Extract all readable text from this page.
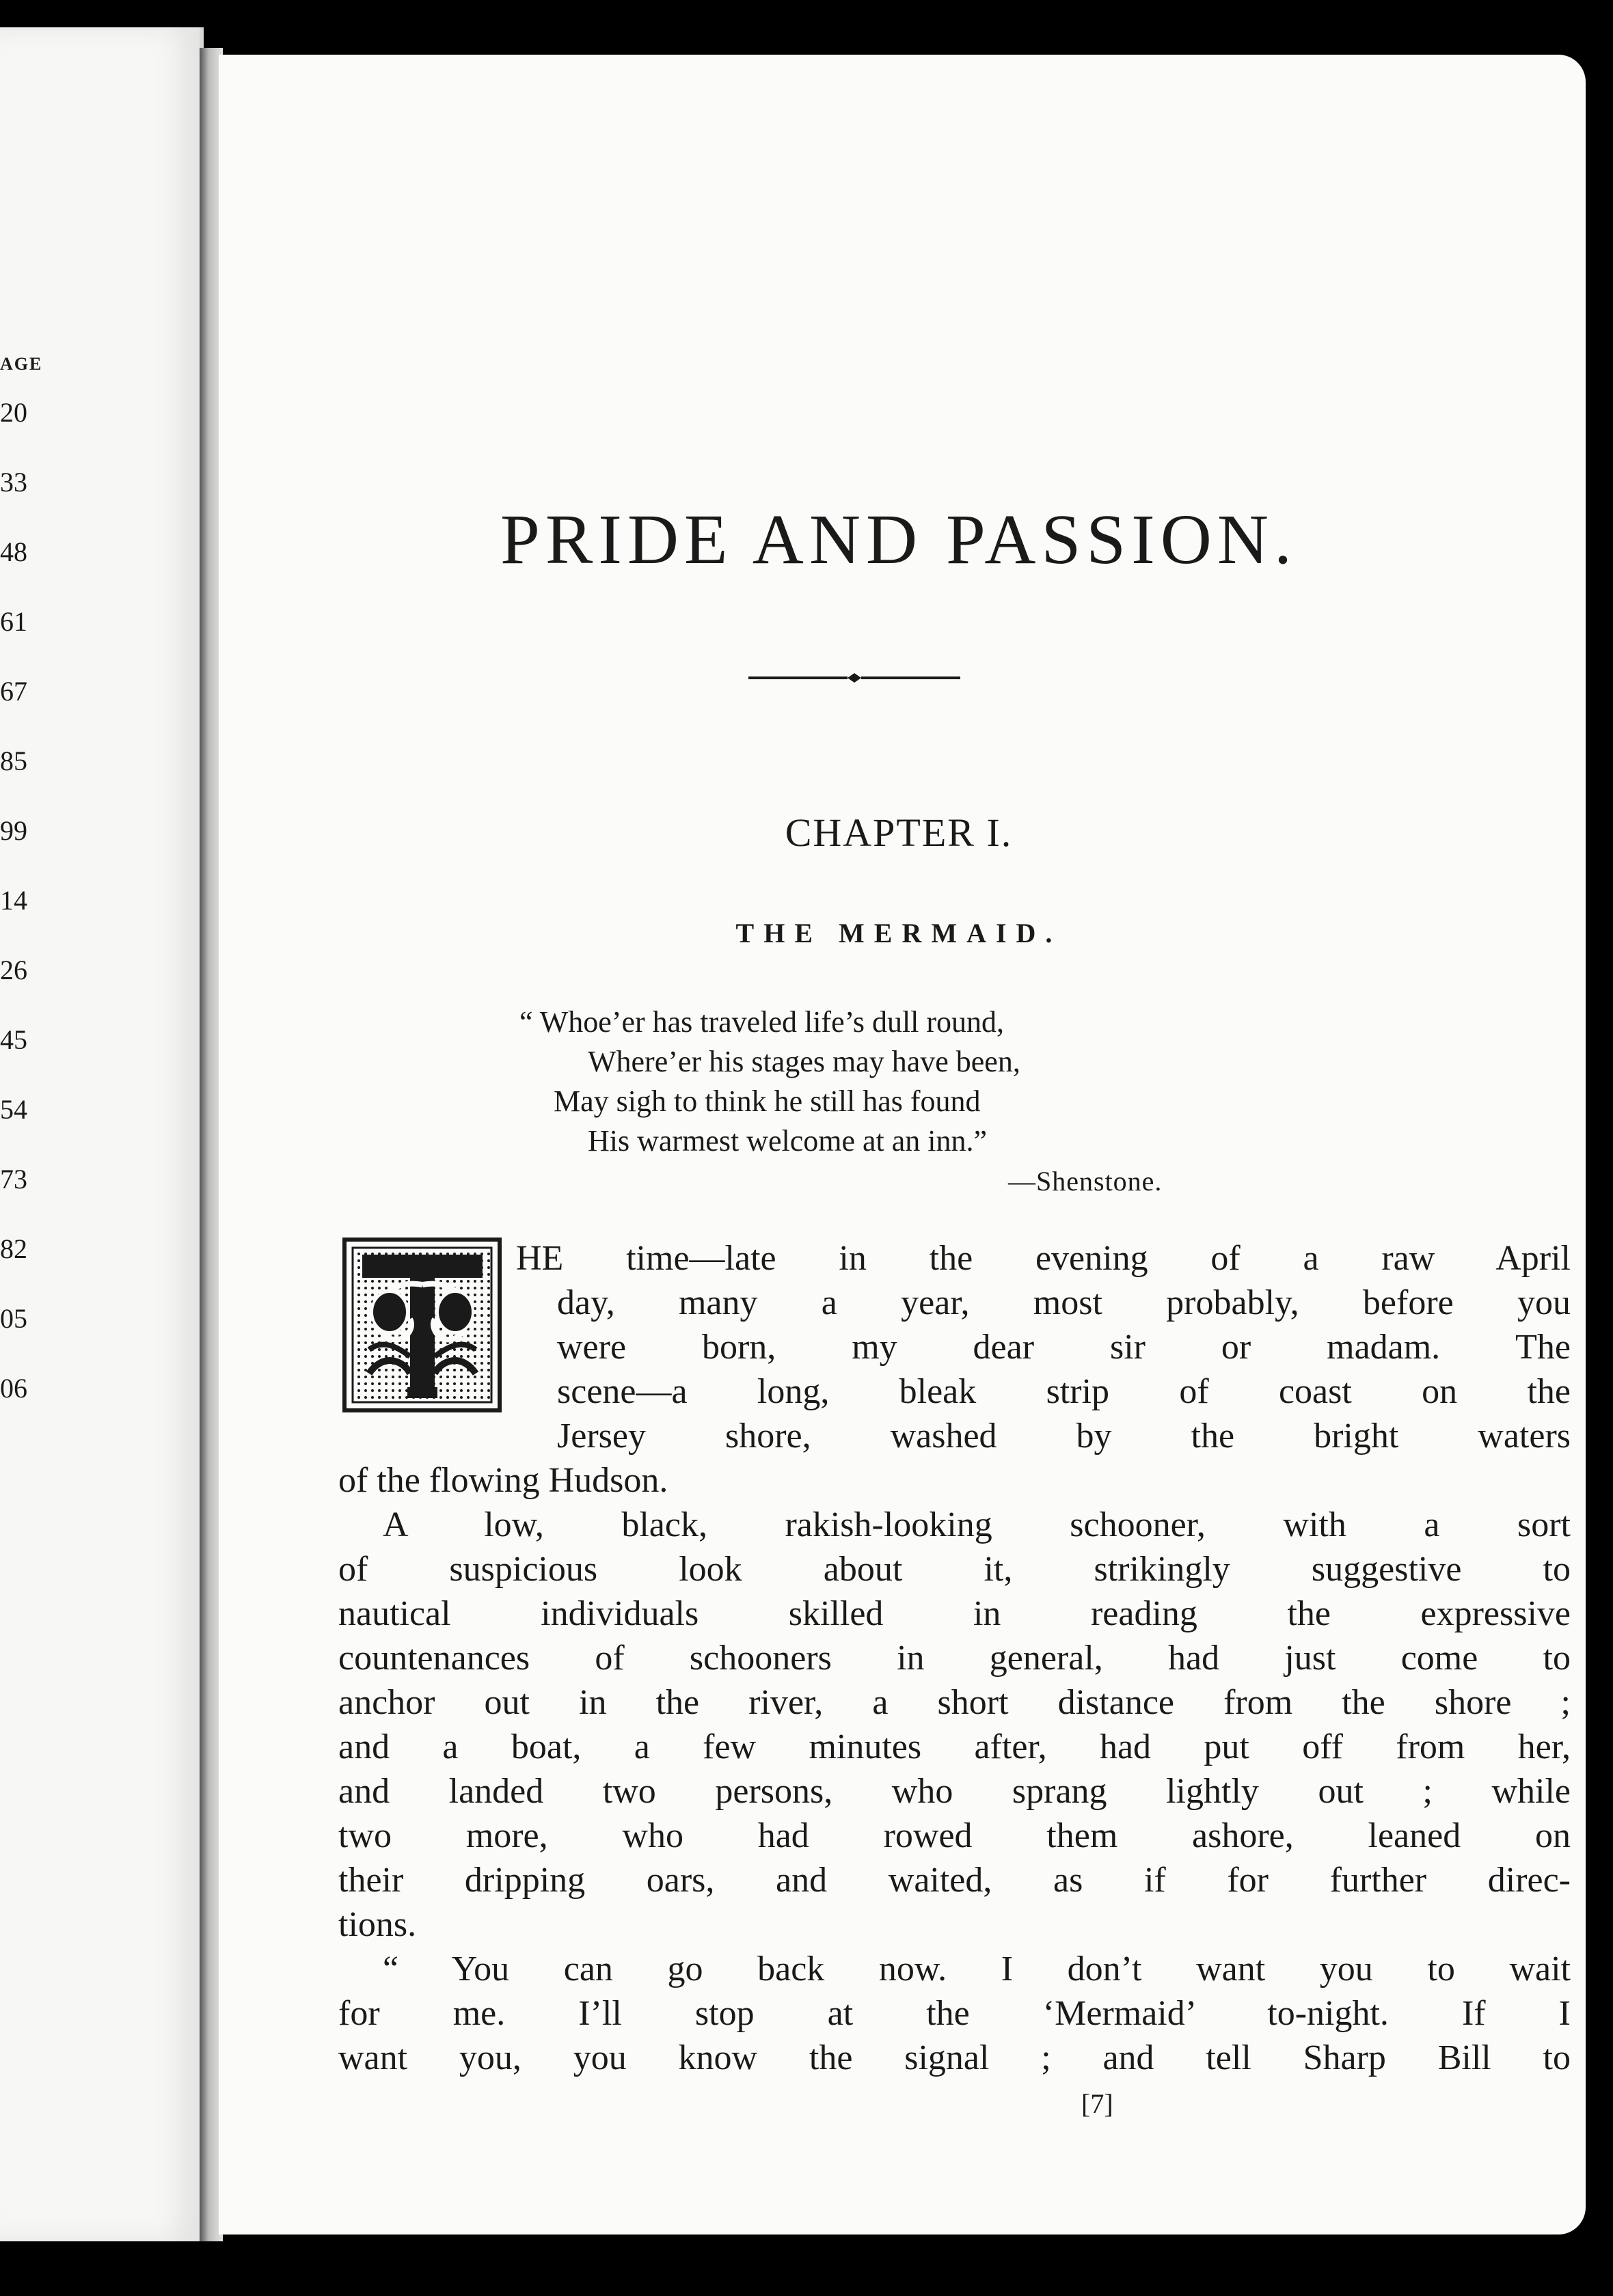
AGE
20
33
48
61
67
85
99
14
26
45
54
73
82
05
06
PRIDE AND PASSION.
CHAPTER I.
THE MERMAID.
“ Whoe’er has traveled life’s dull round,
Where’er his stages may have been,
May sigh to think he still has found
His warmest welcome at an inn.”
—Shenstone.
HE time—late in the evening of a raw April
day, many a year, most probably, before you
were born, my dear sir or madam. The
scene—a long, bleak strip of coast on the
Jersey shore, washed by the bright waters
of the flowing Hudson.
A low, black, rakish-looking schooner, with a sort
of suspicious look about it, strikingly suggestive to
nautical individuals skilled in reading the expressive
countenances of schooners in general, had just come to
anchor out in the river, a short distance from the shore ;
and a boat, a few minutes after, had put off from her,
and landed two persons, who sprang lightly out ; while
two more, who had rowed them ashore, leaned on
their dripping oars, and waited, as if for further direc-
tions.
“ You can go back now. I don’t want you to wait
for me. I’ll stop at the ‘Mermaid’ to-night. If I
want you, you know the signal ; and tell Sharp Bill to
[7]
